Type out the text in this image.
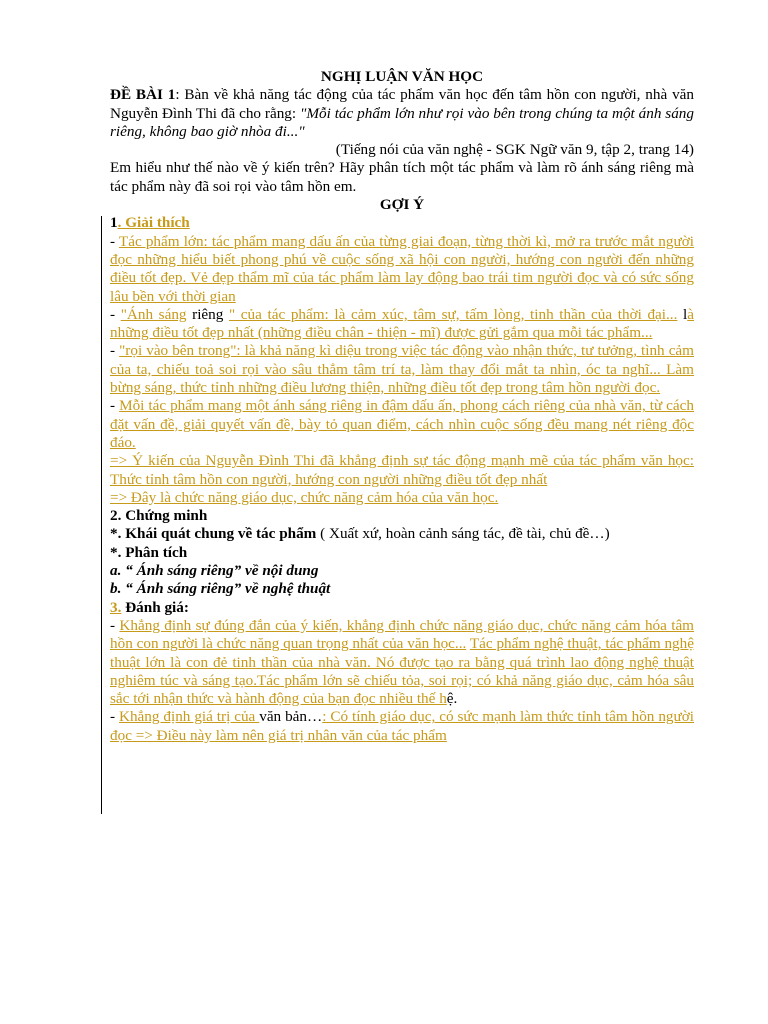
NGHỊ LUẬN VĂN HỌC

ĐỀ BÀI 1: Bàn về khả năng tác động của tác phẩm văn học đến tâm hồn con người, nhà văn Nguyễn Đình Thi đã cho rằng: "Mỗi tác phẩm lớn như rọi vào bên trong chúng ta một ánh sáng riêng, không bao giờ nhòa đi..."

(Tiếng nói của văn nghệ - SGK Ngữ văn 9, tập 2, trang 14)

Em hiểu như thế nào về ý kiến trên? Hãy phân tích một tác phẩm và làm rõ ánh sáng riêng mà tác phẩm này đã soi rọi vào tâm hồn em.

GỢI Ý

1. Giải thích

- Tác phẩm lớn: tác phẩm mang dấu ấn của từng giai đoạn, từng thời kì, mở ra trước mắt người đọc những hiểu biết phong phú về cuộc sống xã hội con người, hướng con người đến những điều tốt đẹp. Vẻ đẹp thẩm mĩ của tác phẩm làm lay động bao trái tim người đọc và có sức sống lâu bền với thời gian

- "Ánh sáng riêng " của tác phẩm: là cảm xúc, tâm sự, tấm lòng, tinh thần của thời đại... là những điều tốt đẹp nhất (những điều chân - thiện - mĩ) được gửi gắm qua mỗi tác phẩm...

- "rọi vào bên trong": là khả năng kì diệu trong việc tác động vào nhận thức, tư tưởng, tình cảm của ta, chiếu toả soi rọi vào sâu thẳm tâm trí ta, làm thay đổi mắt ta nhìn, óc ta nghĩ... Làm bừng sáng, thức tỉnh những điều lương thiện, những điều tốt đẹp trong tâm hồn người đọc.

- Mỗi tác phẩm mang một ánh sáng riêng in đậm dấu ấn, phong cách riêng của nhà văn, từ cách đặt vấn đề, giải quyết vấn đề, bày tỏ quan điểm, cách nhìn cuộc sống đều mang nét riêng độc đáo.

=> Ý kiến của Nguyễn Đình Thi đã khẳng định sự tác động mạnh mẽ của tác phẩm văn học: Thức tỉnh tâm hồn con người, hướng con người những điều tốt đẹp nhất

=> Đây là chức năng giáo dục, chức năng cảm hóa của văn học.

2. Chứng minh

*. Khái quát chung về tác phẩm ( Xuất xứ, hoàn cảnh sáng tác, đề tài, chủ đề…)

*. Phân tích

a. “ Ánh sáng riêng” về nội dung

b. “ Ánh sáng riêng” về nghệ thuật

3. Đánh giá:

- Khẳng định sự đúng đắn của ý kiến, khẳng định chức năng giáo dục, chức năng cảm hóa tâm hồn con người là chức năng quan trọng nhất của văn học... Tác phẩm nghệ thuật, tác phẩm nghệ thuật lớn là con đẻ tinh thần của nhà văn. Nó được tạo ra bằng quá trình lao động nghệ thuật nghiêm túc và sáng tạo.Tác phẩm lớn sẽ chiếu tỏa, soi rọi; có khả năng giáo dục, cảm hóa sâu sắc tới nhận thức và hành động của bạn đọc nhiều thế hệ.

- Khẳng định giá trị của văn bản…: Có tính giáo dục, có sức mạnh làm thức tỉnh tâm hồn người đọc => Điều này làm nên giá trị nhân văn của tác phẩm
